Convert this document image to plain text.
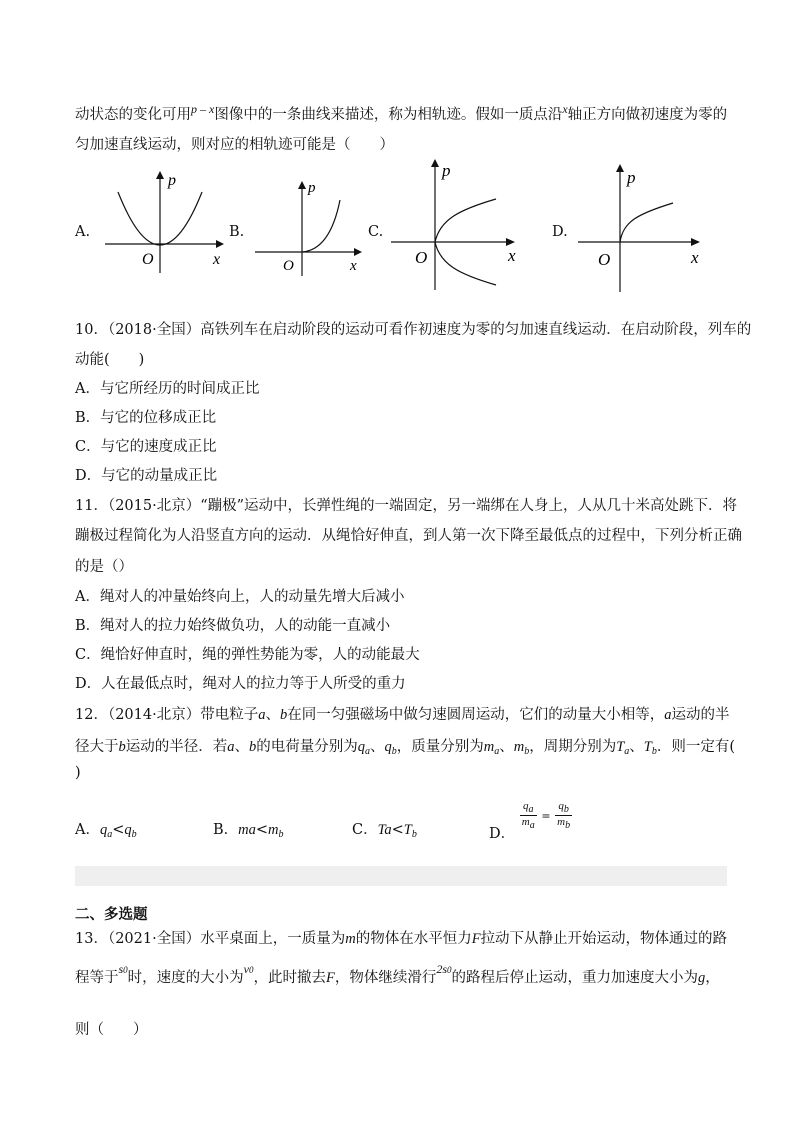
动状态的变化可用$^{p - x}$图像中的一条曲线来描述，称为相轨迹。假如一质点沿$^x$轴正方向做初速度为零的
匀加速直线运动，则对应的相轨迹可能是（　　）
A.
p
x
O
B.
p
x
O
C.
p
x
O
D.
p
x
O
10．（2018·全国）高铁列车在启动阶段的运动可看作初速度为零的匀加速直线运动．在启动阶段，列车的
动能(　　)
A．与它所经历的时间成正比
B．与它的位移成正比
C．与它的速度成正比
D．与它的动量成正比
11．（2015·北京）“蹦极”运动中，长弹性绳的一端固定，另一端绑在人身上，人从几十米高处跳下．将
蹦极过程简化为人沿竖直方向的运动．从绳恰好伸直，到人第一次下降至最低点的过程中，下列分析正确
的是（）
A．绳对人的冲量始终向上，人的动量先增大后减小
B．绳对人的拉力始终做负功，人的动能一直减小
C．绳恰好伸直时，绳的弹性势能为零，人的动能最大
D．人在最低点时，绳对人的拉力等于人所受的重力
12．（2014·北京）带电粒子a、b在同一匀强磁场中做匀速圆周运动，它们的动量大小相等，a运动的半
径大于b运动的半径．若a、b的电荷量分别为$q_a$、$q_b$，质量分别为$m_a$、$m_b$，周期分别为$T_a$、$T_b$．则一定有(
)
A．$q_a<q_b$	B．$ma<m_b$	C．$Ta<T_b$	D．
$\frac{qa}{ma} = \frac{qb}{mb}$
二、多选题
13．（2021·全国）水平桌面上，一质量为m的物体在水平恒力F拉动下从静止开始运动，物体通过的路
程等于$^{s0}$时，速度的大小为$^{v0}$，此时撤去F，物体继续滑行$^{2s0}$的路程后停止运动，重力加速度大小为g，
则（　　）
